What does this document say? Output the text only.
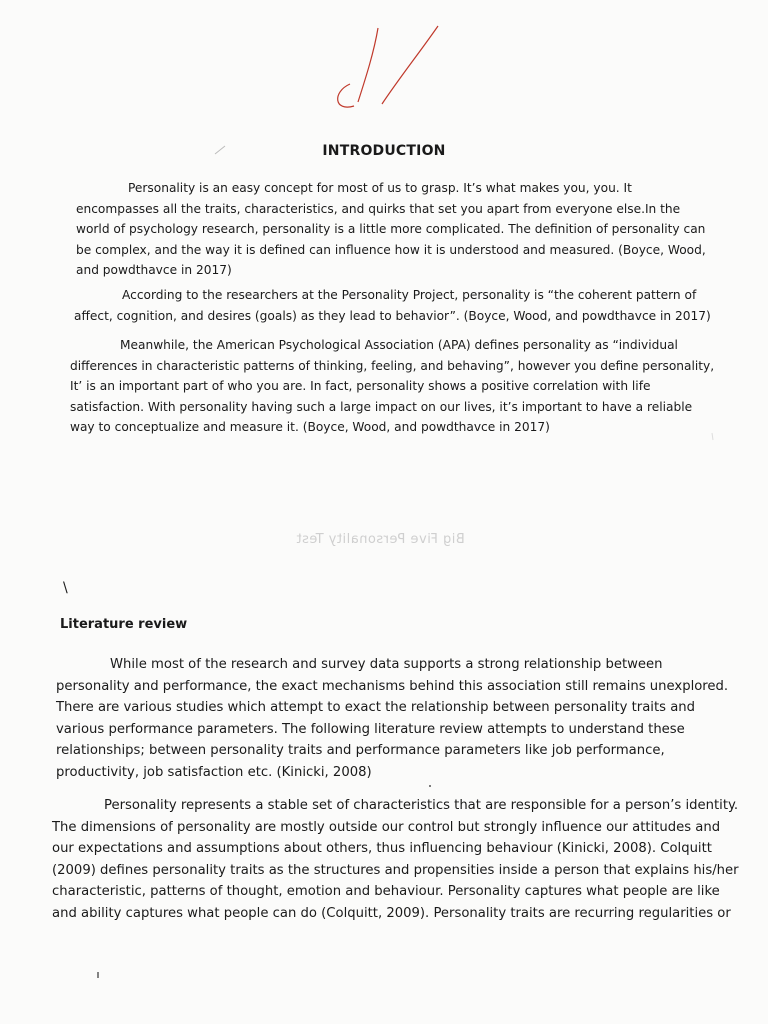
INTRODUCTION

Personality is an easy concept for most of us to grasp. It’s what makes you, you. It encompasses all the traits, characteristics, and quirks that set you apart from everyone else.In the world of psychology research, personality is a little more complicated. The definition of personality can be complex, and the way it is defined can influence how it is understood and measured. (Boyce, Wood, and powdthavce in 2017)

According to the researchers at the Personality Project, personality is “the coherent pattern of affect, cognition, and desires (goals) as they lead to behavior”. (Boyce, Wood, and powdthavce in 2017)

Meanwhile, the American Psychological Association (APA) defines personality as “individual differences in characteristic patterns of thinking, feeling, and behaving”, however you define personality, It’ is an important part of who you are. In fact, personality shows a positive correlation with life satisfaction. With personality having such a large impact on our lives, it’s important to have a reliable way to conceptualize and measure it. (Boyce, Wood, and powdthavce in 2017)

Big Five Personality Test
\
Literature review

While most of the research and survey data supports a strong relationship between personality and performance, the exact mechanisms behind this association still remains unexplored. There are various studies which attempt to exact the relationship between personality traits and various performance parameters. The following literature review attempts to understand these relationships; between personality traits and performance parameters like job performance, productivity, job satisfaction etc. (Kinicki, 2008)

Personality represents a stable set of characteristics that are responsible for a person’s identity. The dimensions of personality are mostly outside our control but strongly influence our attitudes and our expectations and assumptions about others, thus influencing behaviour (Kinicki, 2008). Colquitt (2009) defines personality traits as the structures and propensities inside a person that explains his/her characteristic, patterns of thought, emotion and behaviour. Personality captures what people are like and ability captures what people can do (Colquitt, 2009). Personality traits are recurring regularities or
